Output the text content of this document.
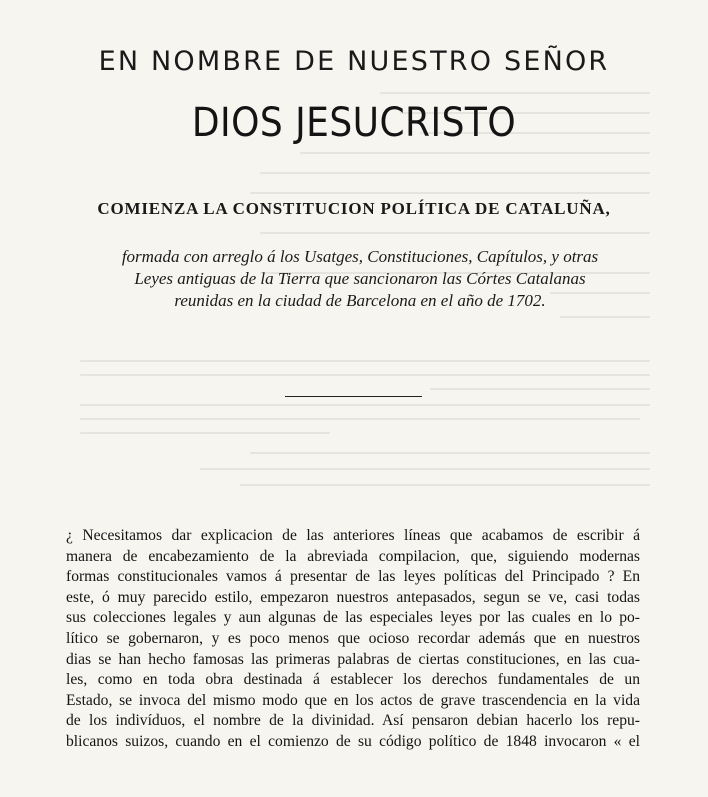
EN NOMBRE DE NUESTRO SEÑOR
DIOS JESUCRISTO
COMIENZA LA CONSTITUCION POLÍTICA DE CATALUÑA,
formada con arreglo á los Usatges, Constituciones, Capítulos, y otras
Leyes antiguas de la Tierra que sancionaron las Córtes Catalanas
reunidas en la ciudad de Barcelona en el año de 1702.
¿ Necesitamos dar explicacion de las anteriores líneas que acabamos de escribir á
manera de encabezamiento de la abreviada compilacion, que, siguiendo modernas
formas constitucionales vamos á presentar de las leyes políticas del Principado ? En
este, ó muy parecido estilo, empezaron nuestros antepasados, segun se ve, casi todas
sus colecciones legales y aun algunas de las especiales leyes por las cuales en lo po-
lítico se gobernaron, y es poco menos que ocioso recordar además que en nuestros
dias se han hecho famosas las primeras palabras de ciertas constituciones, en las cua-
les, como en toda obra destinada á establecer los derechos fundamentales de un
Estado, se invoca del mismo modo que en los actos de grave trascendencia en la vida
de los indivíduos, el nombre de la divinidad. Así pensaron debian hacerlo los repu-
blicanos suizos, cuando en el comienzo de su código político de 1848 invocaron « el
